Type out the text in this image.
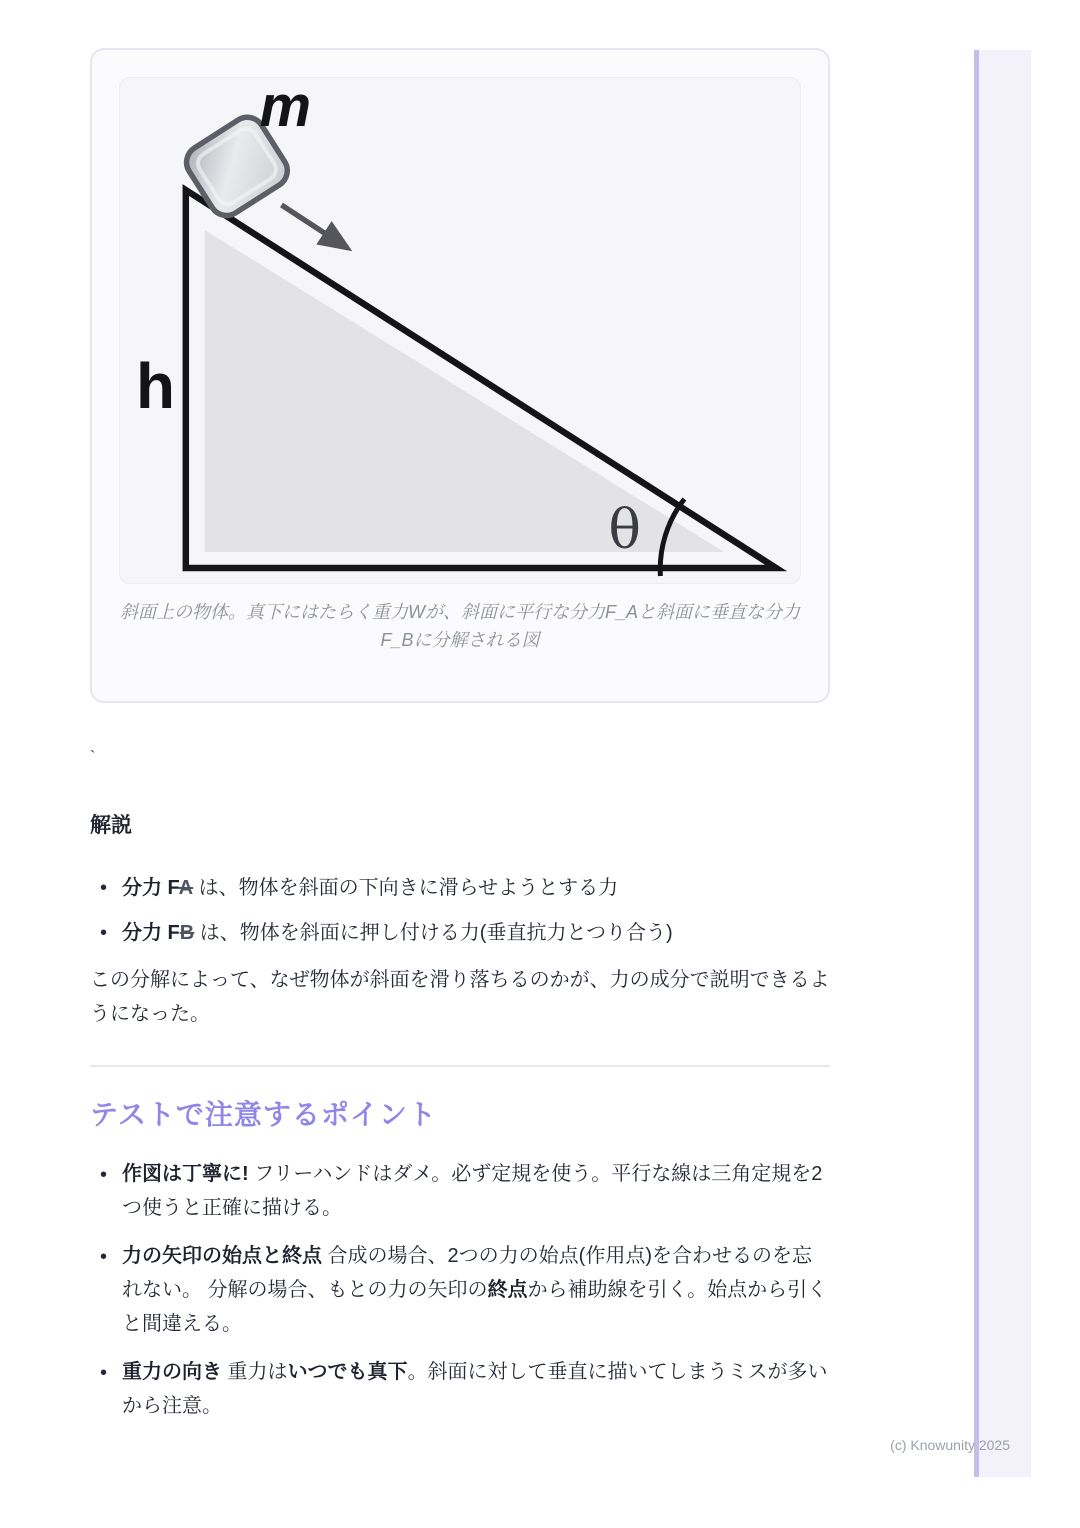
m
h
θ
斜面上の物体。真下にはたらく重力Wが、斜面に平行な分力F_Aと斜面に垂直な分力F_Bに分解される図
`
解説
• 分力 FA は、物体を斜面の下向きに滑らせようとする力
• 分力 FB は、物体を斜面に押し付ける力(垂直抗力とつり合う)

この分解によって、なぜ物体が斜面を滑り落ちるのかが、力の成分で説明できるようになった。

テストで注意するポイント
• 作図は丁寧に! フリーハンドはダメ。必ず定規を使う。平行な線は三角定規を2つ使うと正確に描ける。
• 力の矢印の始点と終点 合成の場合、2つの力の始点(作用点)を合わせるのを忘れない。 分解の場合、もとの力の矢印の終点から補助線を引く。始点から引くと間違える。
• 重力の向き 重力はいつでも真下。斜面に対して垂直に描いてしまうミスが多いから注意。
(c) Knowunity 2025
